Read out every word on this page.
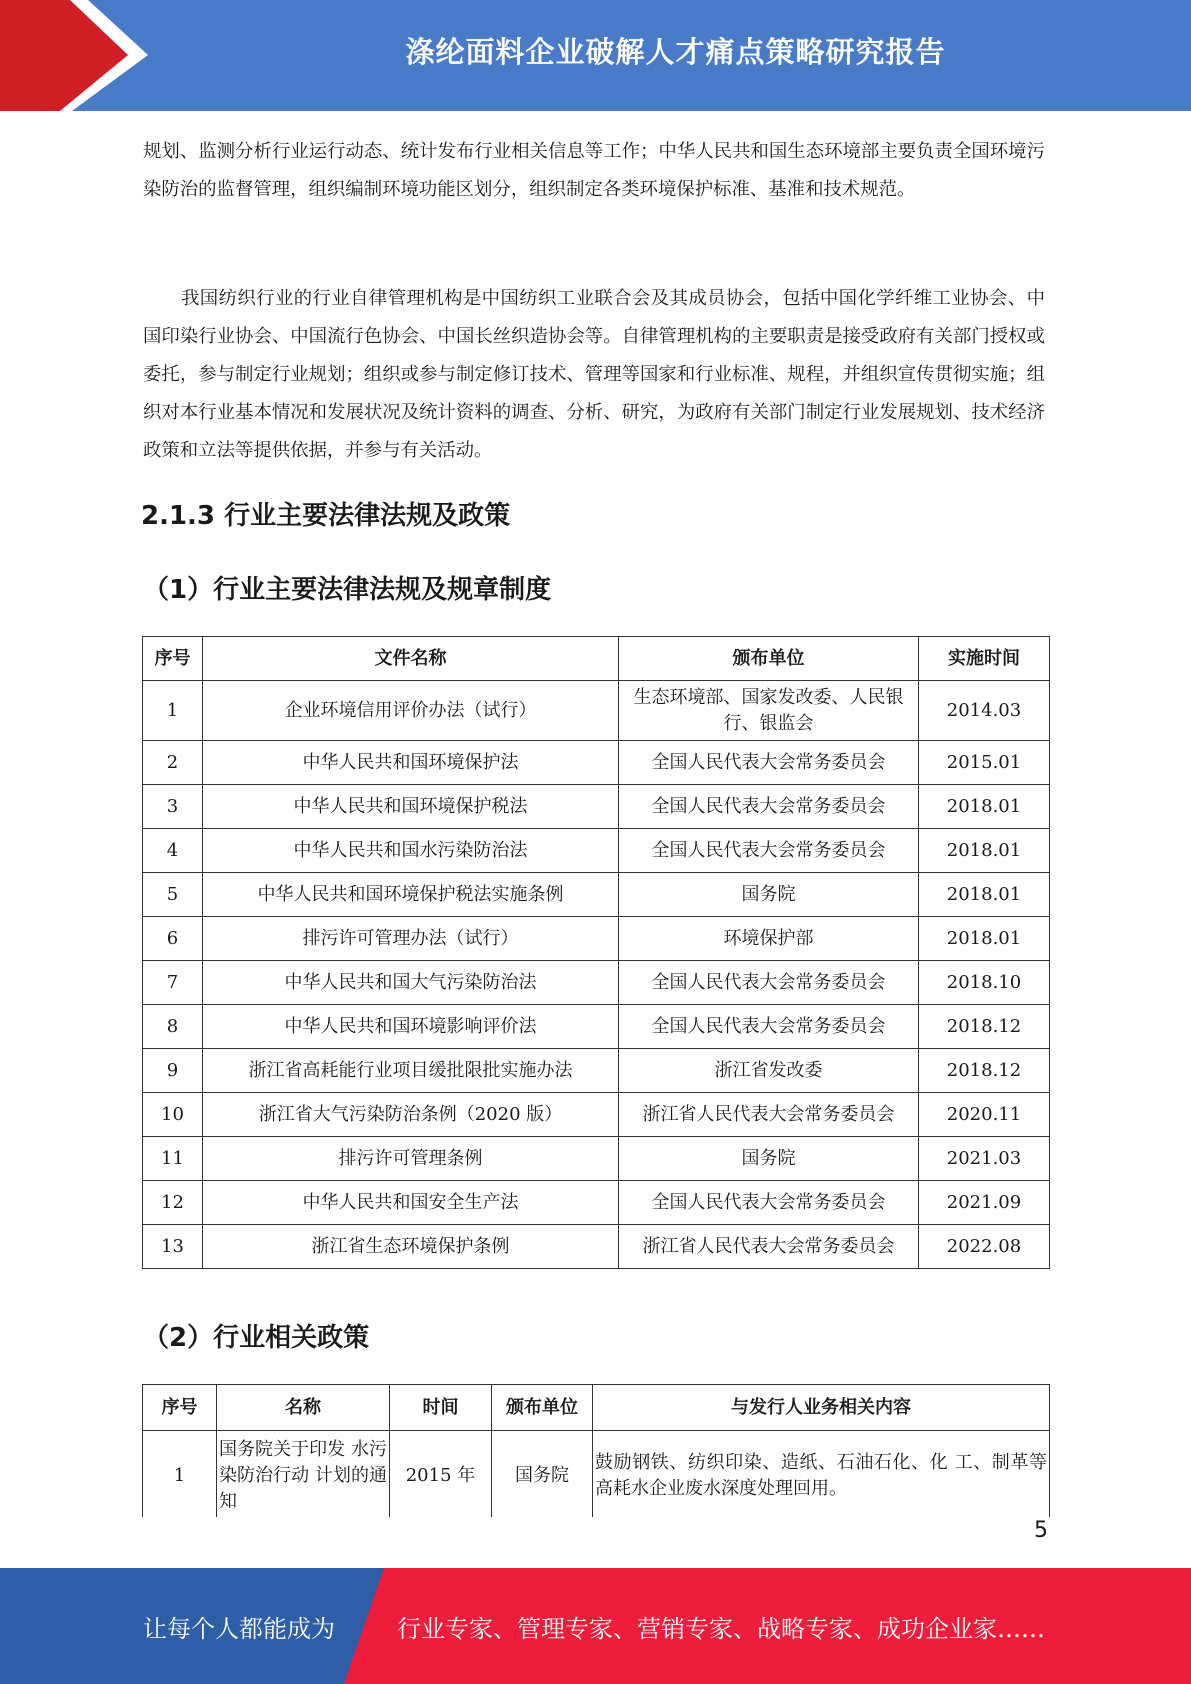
涤纶面料企业破解人才痛点策略研究报告

规划、监测分析行业运行动态、统计发布行业相关信息等工作；中华人民共和国生态环境部主要负责全国环境污染防治的监督管理，组织编制环境功能区划分，组织制定各类环境保护标准、基准和技术规范。

我国纺织行业的行业自律管理机构是中国纺织工业联合会及其成员协会，包括中国化学纤维工业协会、中国印染行业协会、中国流行色协会、中国长丝织造协会等。自律管理机构的主要职责是接受政府有关部门授权或委托，参与制定行业规划；组织或参与制定修订技术、管理等国家和行业标准、规程，并组织宣传贯彻实施；组织对本行业基本情况和发展状况及统计资料的调查、分析、研究，为政府有关部门制定行业发展规划、技术经济政策和立法等提供依据，并参与有关活动。

2.1.3 行业主要法律法规及政策
（1）行业主要法律法规及规章制度
序号	文件名称	颁布单位	实施时间
1	企业环境信用评价办法（试行）	生态环境部、国家发改委、人民银行、银监会	2014.03
2	中华人民共和国环境保护法	全国人民代表大会常务委员会	2015.01
3	中华人民共和国环境保护税法	全国人民代表大会常务委员会	2018.01
4	中华人民共和国水污染防治法	全国人民代表大会常务委员会	2018.01
5	中华人民共和国环境保护税法实施条例	国务院	2018.01
6	排污许可管理办法（试行）	环境保护部	2018.01
7	中华人民共和国大气污染防治法	全国人民代表大会常务委员会	2018.10
8	中华人民共和国环境影响评价法	全国人民代表大会常务委员会	2018.12
9	浙江省高耗能行业项目缓批限批实施办法	浙江省发改委	2018.12
10	浙江省大气污染防治条例（2020 版）	浙江省人民代表大会常务委员会	2020.11
11	排污许可管理条例	国务院	2021.03
12	中华人民共和国安全生产法	全国人民代表大会常务委员会	2021.09
13	浙江省生态环境保护条例	浙江省人民代表大会常务委员会	2022.08
（2）行业相关政策
序号	名称	时间	颁布单位	与发行人业务相关内容
1	国务院关于印发 水污染防治行动 计划的通知	2015 年	国务院	鼓励钢铁、纺织印染、造纸、石油石化、化 工、制革等高耗水企业废水深度处理回用。
5
让每个人都能成为	行业专家、管理专家、营销专家、战略专家、成功企业家……
